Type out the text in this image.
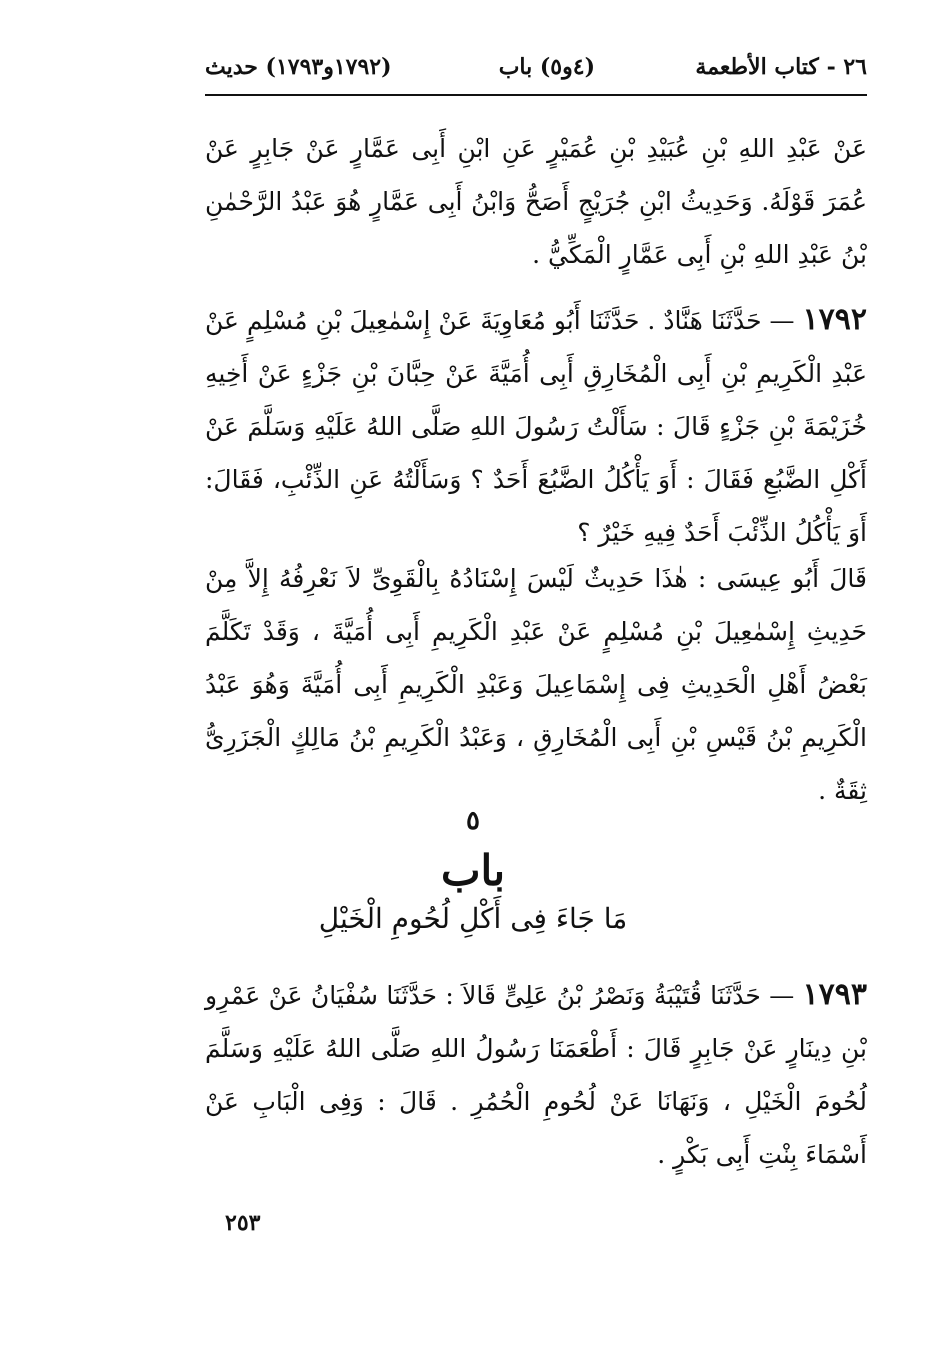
٢٦ - كتاب الأطعمة
(٤و٥) باب
(١٧٩٢و١٧٩٣) حديث

عَنْ عَبْدِ اللهِ بْنِ عُبَيْدِ بْنِ عُمَيْرٍ عَنِ ابْنِ أَبِى عَمَّارٍ عَنْ جَابِرٍ عَنْ عُمَرَ قَوْلَهُ. وَحَدِيثُ ابْنِ جُرَيْجٍ أَصَحُّ وَابْنُ أَبِى عَمَّارٍ هُوَ عَبْدُ الرَّحْمٰنِ بْنُ عَبْدِ اللهِ بْنِ أَبِى عَمَّارٍ الْمَكِّيُّ .

١٧٩٢ — حَدَّثَنَا هَنَّادٌ . حَدَّثَنَا أَبُو مُعَاوِيَةَ عَنْ إِسْمٰعِيلَ بْنِ مُسْلِمٍ عَنْ عَبْدِ الْكَرِيمِ بْنِ أَبِى الْمُخَارِقِ أَبِى أُمَيَّةَ عَنْ حِبَّانَ بْنِ جَزْءٍ عَنْ أَخِيهِ خُزَيْمَةَ بْنِ جَزْءٍ قَالَ : سَأَلْتُ رَسُولَ اللهِ صَلَّى اللهُ عَلَيْهِ وَسَلَّمَ عَنْ أَكْلِ الضَّبُعِ فَقَالَ : أَوَ يَأْكُلُ الضَّبُعَ أَحَدٌ ؟ وَسَأَلْتُهُ عَنِ الذِّئْبِ، فَقَالَ: أَوَ يَأْكُلُ الذِّئْبَ أَحَدٌ فِيهِ خَيْرٌ ؟

قَالَ أَبُو عِيسَى : هٰذَا حَدِيثٌ لَيْسَ إِسْنَادُهُ بِالْقَوِىِّ لاَ نَعْرِفُهُ إِلاَّ مِنْ حَدِيثِ إِسْمٰعِيلَ بْنِ مُسْلِمٍ عَنْ عَبْدِ الْكَرِيمِ أَبِى أُمَيَّةَ ، وَقَدْ تَكَلَّمَ بَعْضُ أَهْلِ الْحَدِيثِ فِى إِسْمَاعِيلَ وَعَبْدِ الْكَرِيمِ أَبِى أُمَيَّةَ وَهُوَ عَبْدُ الْكَرِيمِ بْنُ قَيْسِ بْنِ أَبِى الْمُخَارِقِ ، وَعَبْدُ الْكَرِيمِ بْنُ مَالِكٍ الْجَزَرِىُّ ثِقَةٌ .

٥
باب
مَا جَاءَ فِى أَكْلِ لُحُومِ الْخَيْلِ

١٧٩٣ — حَدَّثَنَا قُتَيْبَةُ وَنَصْرُ بْنُ عَلِىٍّ قَالاَ : حَدَّثَنَا سُفْيَانُ عَنْ عَمْرِو بْنِ دِينَارٍ عَنْ جَابِرٍ قَالَ : أَطْعَمَنَا رَسُولُ اللهِ صَلَّى اللهُ عَلَيْهِ وَسَلَّمَ لُحُومَ الْخَيْلِ ، وَنَهَانَا عَنْ لُحُومِ الْحُمُرِ . قَالَ : وَفِى الْبَابِ عَنْ أَسْمَاءَ بِنْتِ أَبِى بَكْرٍ .

٢٥٣
